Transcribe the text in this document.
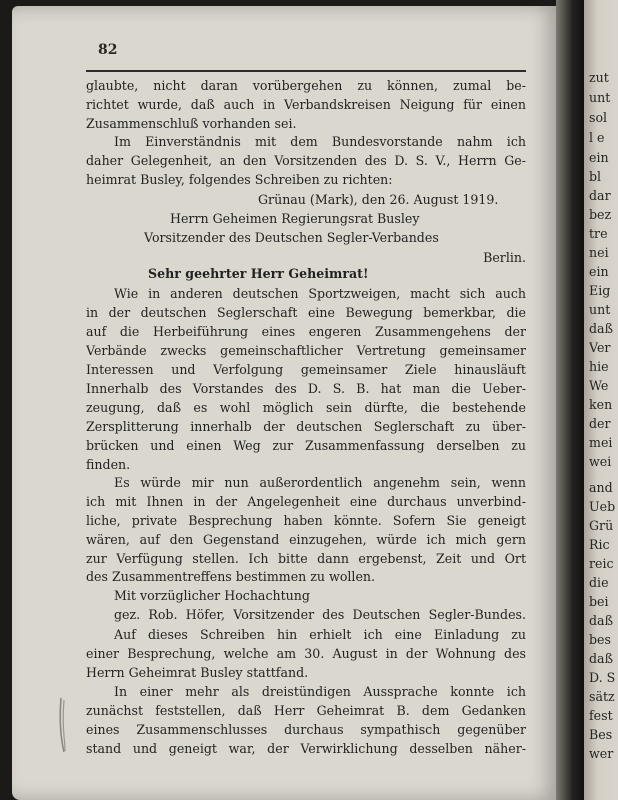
82
glaubte, nicht daran vorübergehen zu können, zumal be-
richtet wurde, daß auch in Verbandskreisen Neigung für einen
Zusammenschluß vorhanden sei.
Im Einverständnis mit dem Bundesvorstande nahm ich
daher Gelegenheit, an den Vorsitzenden des D. S. V., Herrn Ge-
heimrat Busley, folgendes Schreiben zu richten:
Grünau (Mark), den 26. August 1919.
Herrn Geheimen Regierungsrat Busley
Vorsitzender des Deutschen Segler-Verbandes
Berlin.
Sehr geehrter Herr Geheimrat!
Wie in anderen deutschen Sportzweigen, macht sich auch
in der deutschen Seglerschaft eine Bewegung bemerkbar, die
auf die Herbeiführung eines engeren Zusammengehens der
Verbände zwecks gemeinschaftlicher Vertretung gemeinsamer
Interessen und Verfolgung gemeinsamer Ziele hinausläuft
Innerhalb des Vorstandes des D. S. B. hat man die Ueber-
zeugung, daß es wohl möglich sein dürfte, die bestehende
Zersplitterung innerhalb der deutschen Seglerschaft zu über-
brücken und einen Weg zur Zusammenfassung derselben zu
finden.
Es würde mir nun außerordentlich angenehm sein, wenn
ich mit Ihnen in der Angelegenheit eine durchaus unverbind-
liche, private Besprechung haben könnte. Sofern Sie geneigt
wären, auf den Gegenstand einzugehen, würde ich mich gern
zur Verfügung stellen. Ich bitte dann ergebenst, Zeit und Ort
des Zusammentreffens bestimmen zu wollen.
Mit vorzüglicher Hochachtung
gez. Rob. Höfer, Vorsitzender des Deutschen Segler-Bundes.
Auf dieses Schreiben hin erhielt ich eine Einladung zu
einer Besprechung, welche am 30. August in der Wohnung des
Herrn Geheimrat Busley stattfand.
In einer mehr als dreistündigen Aussprache konnte ich
zunächst feststellen, daß Herr Geheimrat B. dem Gedanken
eines Zusammenschlusses durchaus sympathisch gegenüber
stand und geneigt war, der Verwirklichung desselben näher-
zut
unt
sol
l e
ein
bl
dar
bez
tre
nei
ein
Eig
unt
daß
Ver
hie
We
ken
der
mei
wei
and
Ueb
Grü
Ric
reic
die
bei
daß
bes
daß
D. S
sätz
fest
Bes
wer
